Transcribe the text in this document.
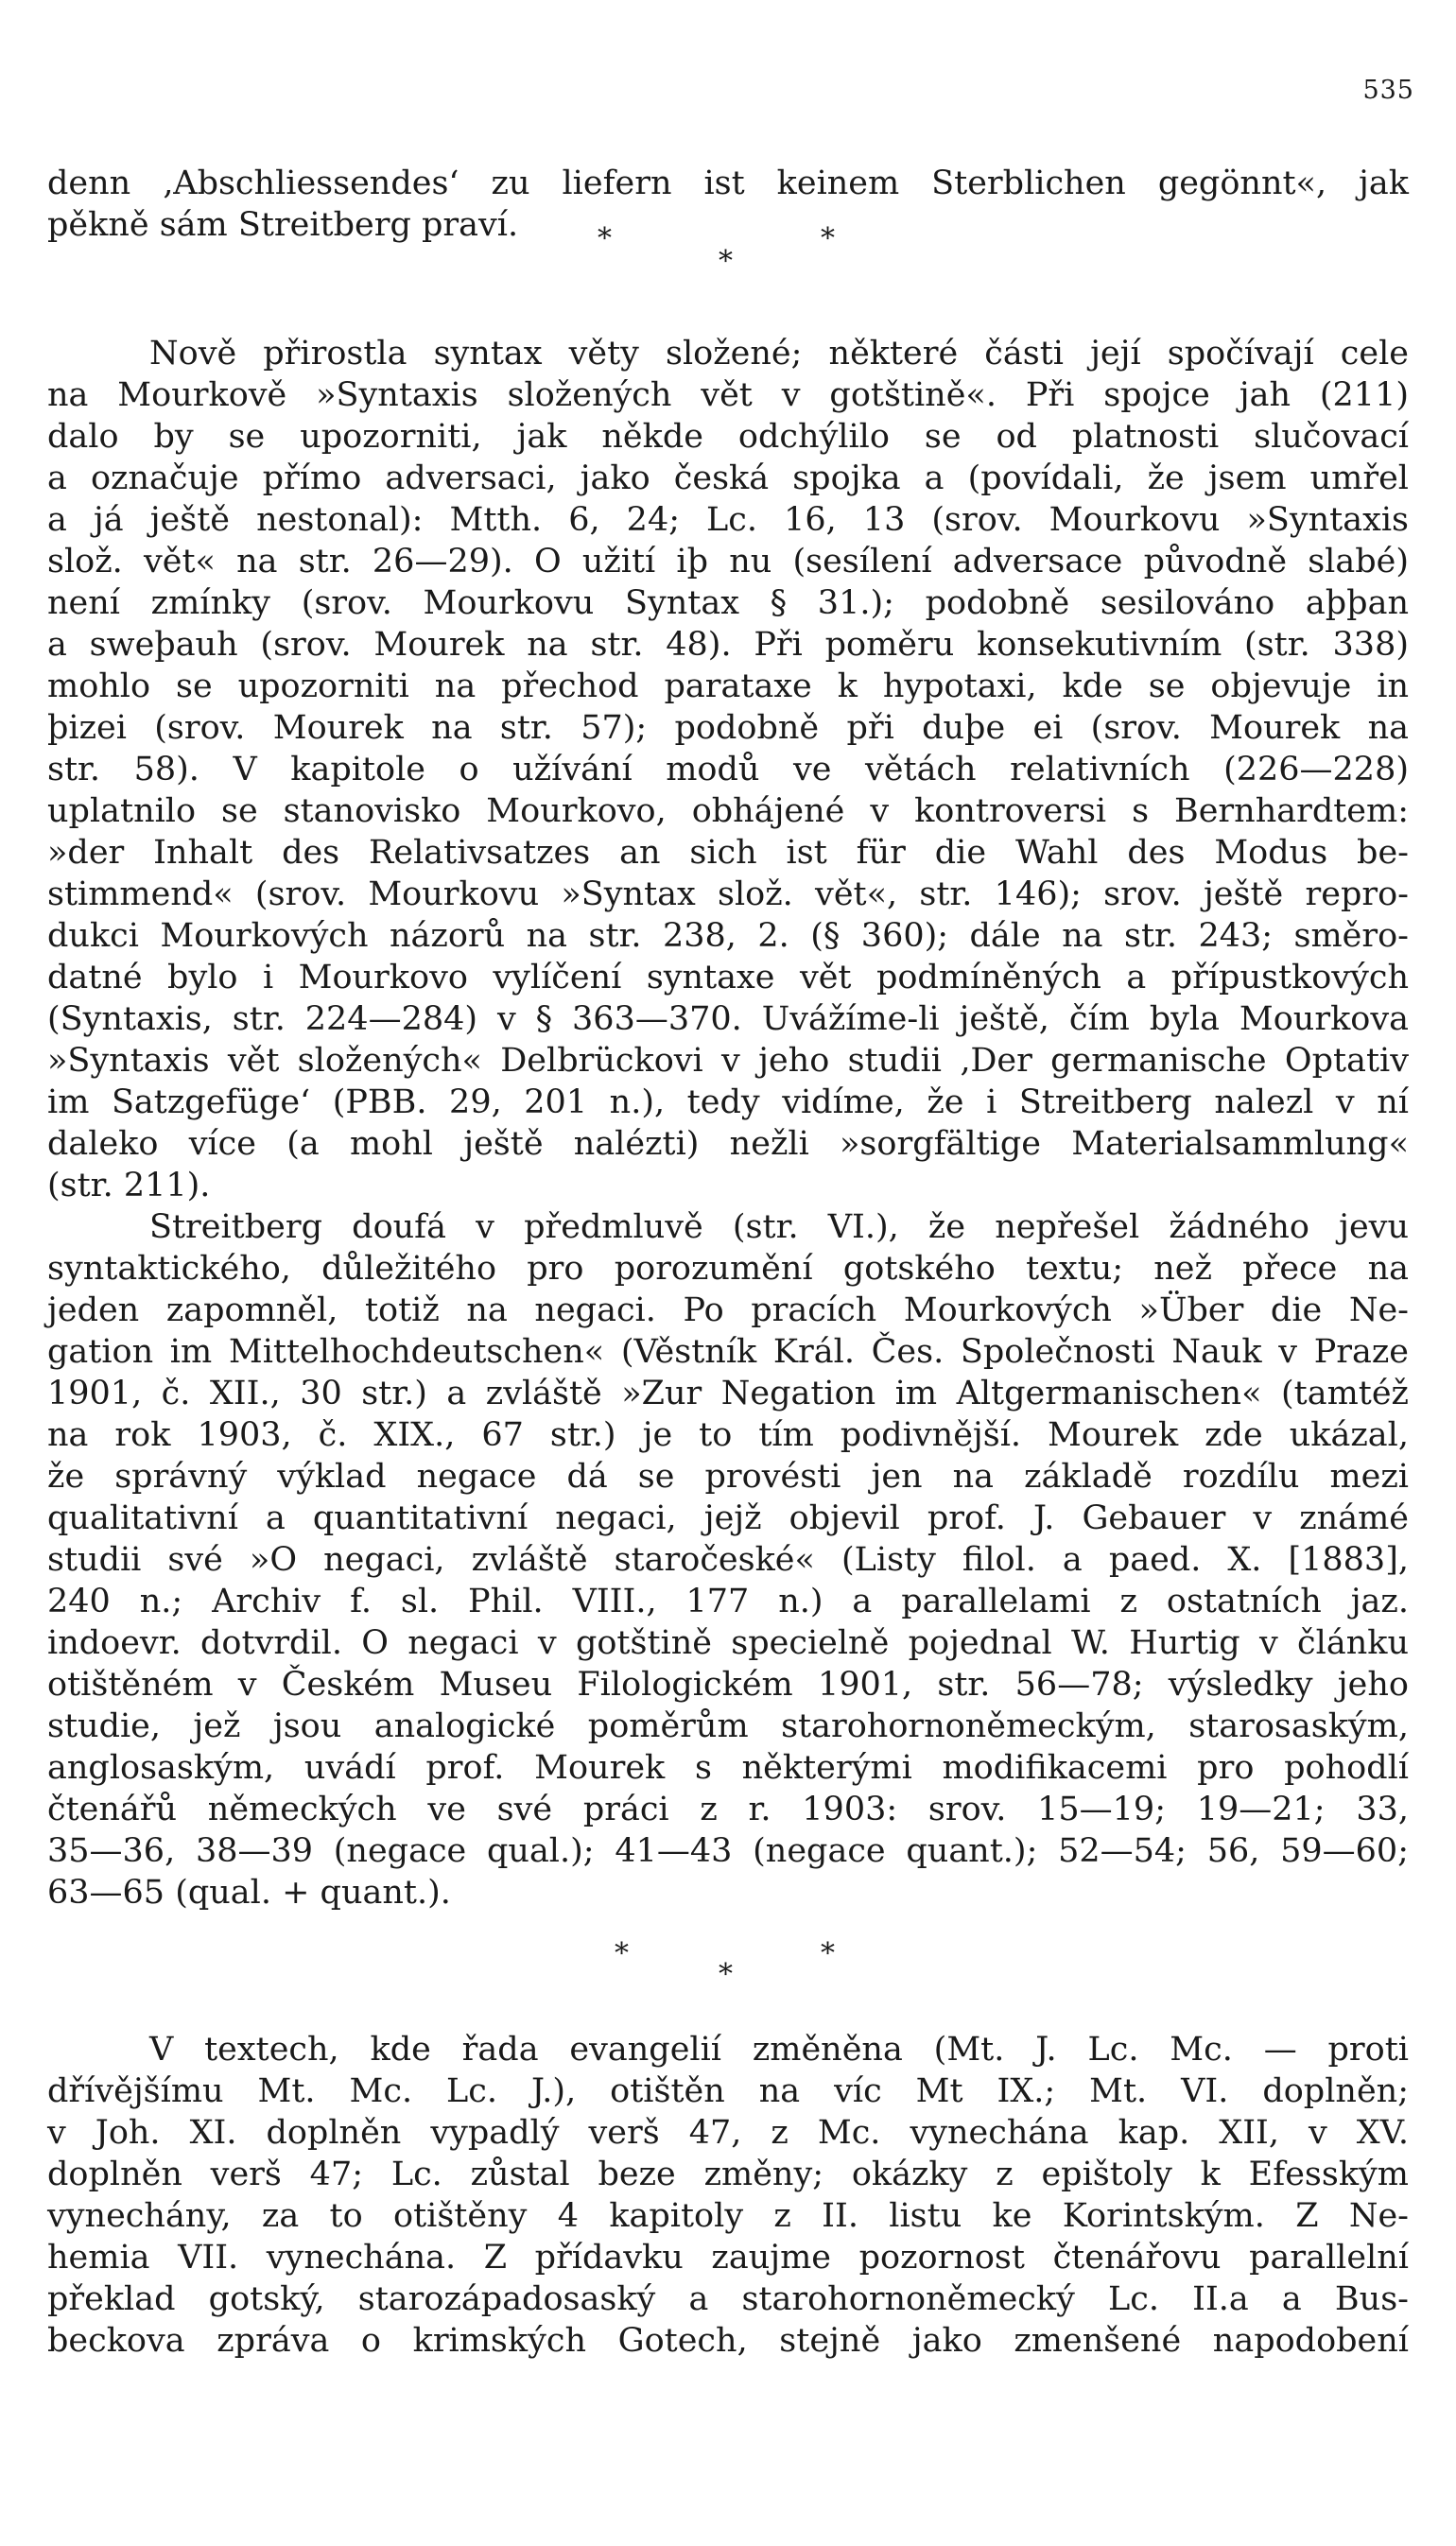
535
denn ‚Abschliessendes‘ zu liefern ist keinem Sterblichen gegönnt«, jak
pěkně sám Streitberg praví.	*
*
*
Nově přirostla syntax věty složené; některé části její spočívají cele
na Mourkově »Syntaxis složených vět v gotštině«. Při spojce jah (211)
dalo by se upozorniti, jak někde odchýlilo se od platnosti slučovací
a označuje přímo adversaci, jako česká spojka a (povídali, že jsem umřel
a já ještě nestonal): Mtth. 6, 24; Lc. 16, 13 (srov. Mourkovu »Syntaxis
slož. vět« na str. 26—29). O užití iþ nu (sesílení adversace původně slabé)
není zmínky (srov. Mourkovu Syntax § 31.); podobně sesilováno aþþan
a sweþauh (srov. Mourek na str. 48). Při poměru konsekutivním (str. 338)
mohlo se upozorniti na přechod parataxe k hypotaxi, kde se objevuje in
þizei (srov. Mourek na str. 57); podobně při duþe ei (srov. Mourek na
str. 58). V kapitole o užívání modů ve větách relativních (226—228)
uplatnilo se stanovisko Mourkovo, obhájené v kontroversi s Bernhardtem:
»der Inhalt des Relativsatzes an sich ist für die Wahl des Modus be-
stimmend« (srov. Mourkovu »Syntax slož. vět«, str. 146); srov. ještě repro-
dukci Mourkových názorů na str. 238, 2. (§ 360); dále na str. 243; směro-
datné bylo i Mourkovo vylíčení syntaxe vět podmíněných a přípustkových
(Syntaxis, str. 224—284) v § 363—370. Uvážíme-li ještě, čím byla Mourkova
»Syntaxis vět složených« Delbrückovi v jeho studii ‚Der germanische Optativ
im Satzgefüge‘ (PBB. 29, 201 n.), tedy vidíme, že i Streitberg nalezl v ní
daleko více (a mohl ještě nalézti) nežli »sorgfältige Materialsammlung«
(str. 211).
Streitberg doufá v předmluvě (str. VI.), že nepřešel žádného jevu
syntaktického, důležitého pro porozumění gotského textu; než přece na
jeden zapomněl, totiž na negaci. Po pracích Mourkových »Über die Ne-
gation im Mittelhochdeutschen« (Věstník Král. Čes. Společnosti Nauk v Praze
1901, č. XII., 30 str.) a zvláště »Zur Negation im Altgermanischen« (tamtéž
na rok 1903, č. XIX., 67 str.) je to tím podivnější. Mourek zde ukázal,
že správný výklad negace dá se provésti jen na základě rozdílu mezi
qualitativní a quantitativní negaci, jejž objevil prof. J. Gebauer v známé
studii své »O negaci, zvláště staročeské« (Listy filol. a paed. X. [1883],
240 n.; Archiv f. sl. Phil. VIII., 177 n.) a parallelami z ostatních jaz.
indoevr. dotvrdil. O negaci v gotštině specielně pojednal W. Hurtig v článku
otištěném v Českém Museu Filologickém 1901, str. 56—78; výsledky jeho
studie, jež jsou analogické poměrům starohornoněmeckým, starosaským,
anglosaským, uvádí prof. Mourek s některými modifikacemi pro pohodlí
čtenářů německých ve své práci z r. 1903: srov. 15—19; 19—21; 33,
35—36, 38—39 (negace qual.); 41—43 (negace quant.); 52—54; 56, 59—60;
63—65 (qual. + quant.).
*
*
*
V textech, kde řada evangelií změněna (Mt. J. Lc. Mc. — proti
dřívějšímu Mt. Mc. Lc. J.), otištěn na víc Mt IX.; Mt. VI. doplněn;
v Joh. XI. doplněn vypadlý verš 47, z Mc. vynechána kap. XII, v XV.
doplněn verš 47; Lc. zůstal beze změny; okázky z epištoly k Efesským
vynechány, za to otištěny 4 kapitoly z II. listu ke Korintským. Z Ne-
hemia VII. vynechána. Z přídavku zaujme pozornost čtenářovu parallelní
překlad gotský, starozápadosaský a starohornoněmecký Lc. II.a a Bus-
beckova zpráva o krimských Gotech, stejně jako zmenšené napodobení
